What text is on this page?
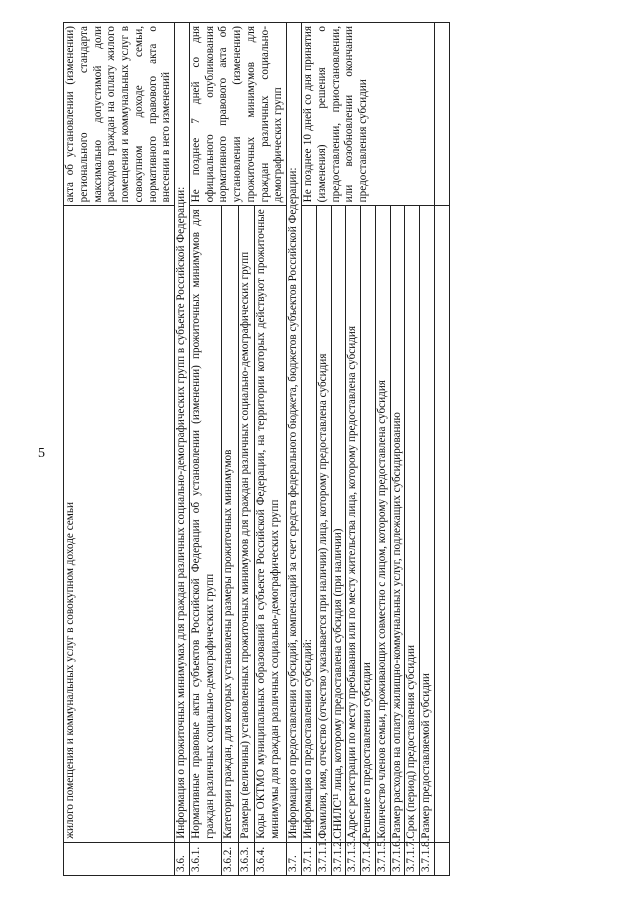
5
	жилого помещения и коммунальных услуг в совокупном доходе семьи	акта об установлении (изменении) регионального стандарта максимально допустимой доли расходов граждан на оплату жилого помещения и коммунальных услуг в совокупном доходе семьи, нормативного правового акта о внесении в него изменений
3.6.	Информация о прожиточных минимумах для граждан различных социально-демографических групп в субъекте Российской Федерации:	
3.6.1.	Нормативные правовые акты субъектов Российской Федерации об установлении (изменении) прожиточных минимумов для граждан различных социально-демографических групп	Не позднее 7 дней со дня официального опубликования нормативного правового акта об установлении (изменении) прожиточных минимумов для граждан различных социально-демографических групп
3.6.2.	Категории граждан, для которых установлены размеры прожиточных минимумов	
3.6.3.	Размеры (величины) установленных прожиточных минимумов для граждан различных социально-демографических групп	
3.6.4.	Коды ОКТМО муниципальных образований в субъекте Российской Федерации, на территории которых действуют прожиточные минимумы для граждан различных социально-демографических групп	
3.7.	Информация о предоставлении субсидий, компенсаций за счет средств федерального бюджета, бюджетов субъектов Российской Федерации:	
3.7.1.	Информация о предоставлении субсидий:	Не позднее 10 дней со дня принятия (изменения) решения о предоставлении, приостановлении, или возобновлении окончании предоставления субсидии
3.7.1.1.	Фамилия, имя, отчество (отчество указывается при наличии) лица, которому предоставлена субсидия	
3.7.1.2.	СНИЛС¹¹ лица, которому предоставлена субсидия (при наличии)	
3.7.1.3.	Адрес регистрации по месту пребывания или по месту жительства лица, которому предоставлена субсидия	
3.7.1.4.	Решение о предоставлении субсидии	
3.7.1.5.	Количество членов семьи, проживающих совместно с лицом, которому предоставлена субсидия	
3.7.1.6.	Размер расходов на оплату жилищно-коммунальных услуг, подлежащих субсидированию	
3.7.1.7.	Срок (период) предоставления субсидии	
3.7.1.8.	Размер предоставляемой субсидии	
